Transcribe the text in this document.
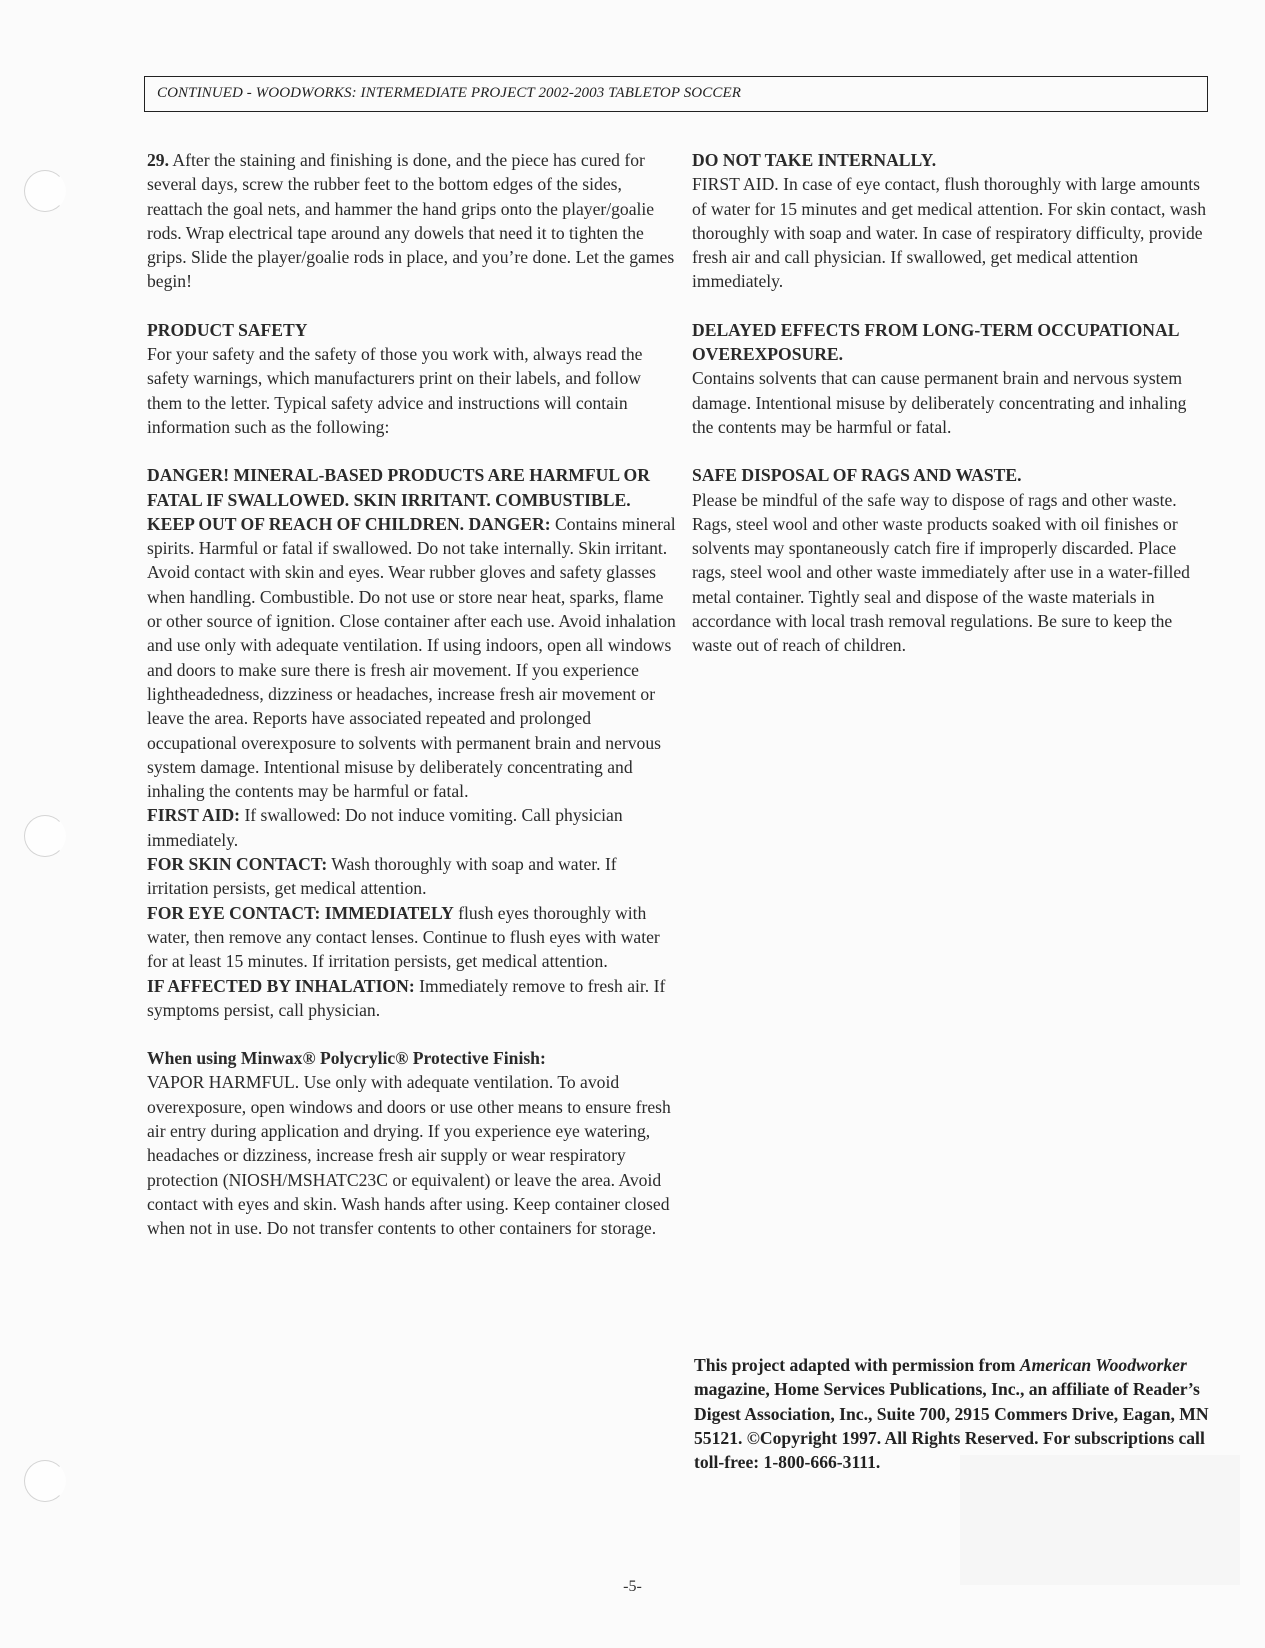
CONTINUED - WOODWORKS: INTERMEDIATE PROJECT 2002-2003 TABLETOP SOCCER

29. After the staining and finishing is done, and the piece has cured for several days, screw the rubber feet to the bottom edges of the sides, reattach the goal nets, and hammer the hand grips onto the player/goalie rods. Wrap electrical tape around any dowels that need it to tighten the grips. Slide the player/goalie rods in place, and you’re done. Let the games begin!

PRODUCT SAFETY

For your safety and the safety of those you work with, always read the safety warnings, which manufacturers print on their labels, and follow them to the letter. Typical safety advice and instructions will contain information such as the following:

DANGER! MINERAL-BASED PRODUCTS ARE HARMFUL OR FATAL IF SWALLOWED. SKIN IRRITANT. COMBUSTIBLE. KEEP OUT OF REACH OF CHILDREN. DANGER: Contains mineral spirits. Harmful or fatal if swallowed. Do not take internally. Skin irritant. Avoid contact with skin and eyes. Wear rubber gloves and safety glasses when handling. Combustible. Do not use or store near heat, sparks, flame or other source of ignition. Close container after each use. Avoid inhalation and use only with adequate ventilation. If using indoors, open all windows and doors to make sure there is fresh air movement. If you experience lightheadedness, dizziness or headaches, increase fresh air movement or leave the area. Reports have associated repeated and prolonged occupational overexposure to solvents with permanent brain and nervous system damage. Intentional misuse by deliberately concentrating and inhaling the contents may be harmful or fatal.

FIRST AID: If swallowed: Do not induce vomiting. Call physician immediately.

FOR SKIN CONTACT: Wash thoroughly with soap and water. If irritation persists, get medical attention.

FOR EYE CONTACT: IMMEDIATELY flush eyes thoroughly with water, then remove any contact lenses. Continue to flush eyes with water for at least 15 minutes. If irritation persists, get medical attention.

IF AFFECTED BY INHALATION: Immediately remove to fresh air. If symptoms persist, call physician.

When using Minwax® Polycrylic® Protective Finish:

VAPOR HARMFUL. Use only with adequate ventilation. To avoid overexposure, open windows and doors or use other means to ensure fresh air entry during application and drying. If you experience eye watering, headaches or dizziness, increase fresh air supply or wear respiratory protection (NIOSH/MSHATC23C or equivalent) or leave the area. Avoid contact with eyes and skin. Wash hands after using. Keep container closed when not in use. Do not transfer contents to other containers for storage.

DO NOT TAKE INTERNALLY.

FIRST AID. In case of eye contact, flush thoroughly with large amounts of water for 15 minutes and get medical attention. For skin contact, wash thoroughly with soap and water. In case of respiratory difficulty, provide fresh air and call physician. If swallowed, get medical attention immediately.

DELAYED EFFECTS FROM LONG-TERM OCCUPATIONAL OVEREXPOSURE.

Contains solvents that can cause permanent brain and nervous system damage. Intentional misuse by deliberately concentrating and inhaling the contents may be harmful or fatal.

SAFE DISPOSAL OF RAGS AND WASTE.

Please be mindful of the safe way to dispose of rags and other waste. Rags, steel wool and other waste products soaked with oil finishes or solvents may spontaneously catch fire if improperly discarded. Place rags, steel wool and other waste immediately after use in a water-filled metal container. Tightly seal and dispose of the waste materials in accordance with local trash removal regulations. Be sure to keep the waste out of reach of children.

This project adapted with permission from American Woodworker magazine, Home Services Publications, Inc., an affiliate of Reader’s Digest Association, Inc., Suite 700, 2915 Commers Drive, Eagan, MN 55121. ©Copyright 1997. All Rights Reserved. For subscriptions call toll-free: 1-800-666-3111.
-5-
